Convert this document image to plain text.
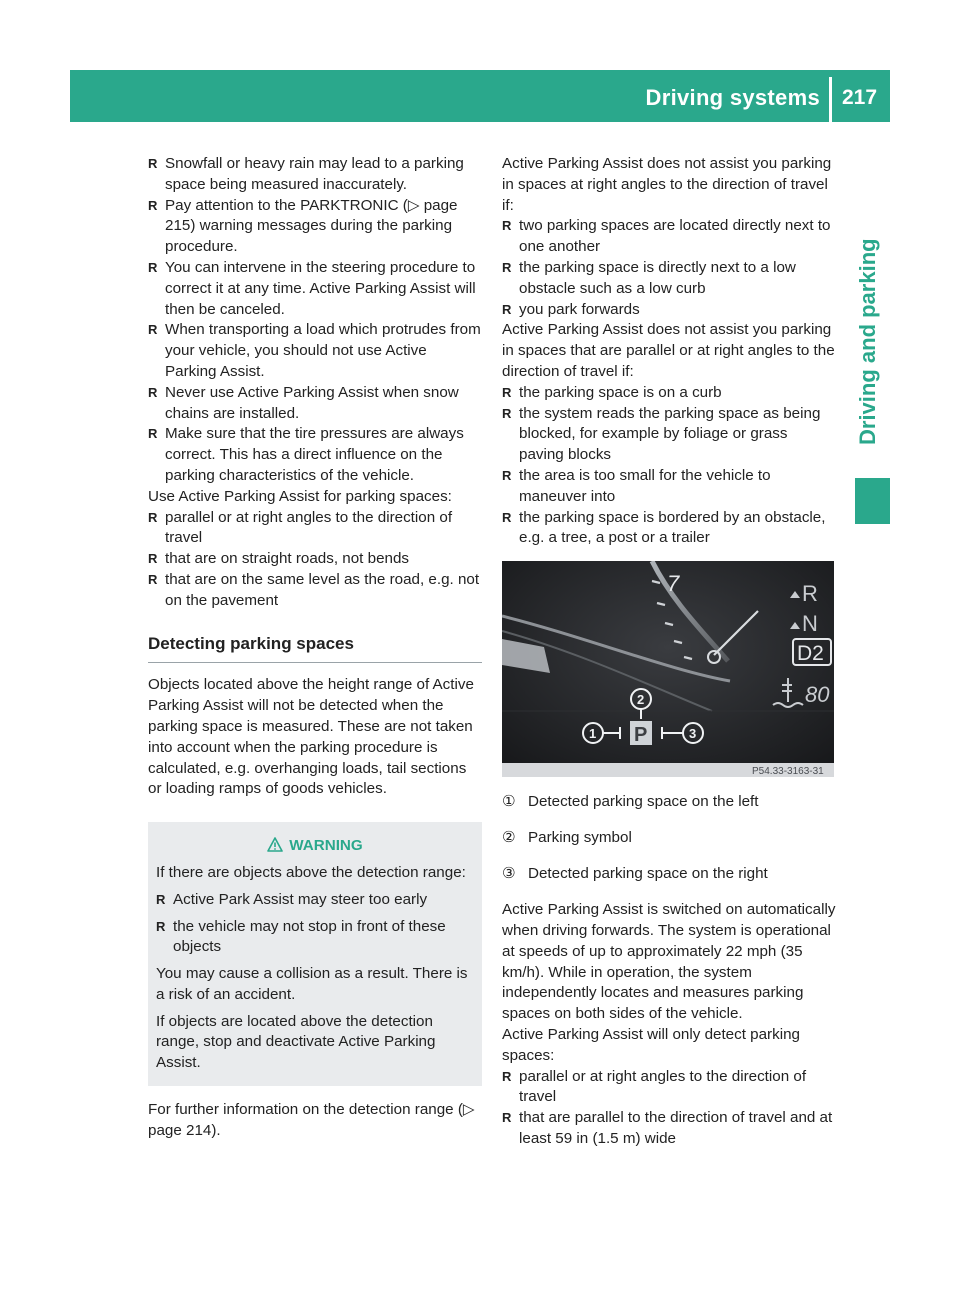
Driving systems 217
Driving and parking

R Snowfall or heavy rain may lead to a parking space being measured inaccurately.

R Pay attention to the PARKTRONIC (▷ page 215) warning messages during the parking procedure.

R You can intervene in the steering procedure to correct it at any time. Active Parking Assist will then be canceled.

R When transporting a load which protrudes from your vehicle, you should not use Active Parking Assist.

R Never use Active Parking Assist when snow chains are installed.

R Make sure that the tire pressures are always correct. This has a direct influence on the parking characteristics of the vehicle.

Use Active Parking Assist for parking spaces:

R parallel or at right angles to the direction of travel

R that are on straight roads, not bends

R that are on the same level as the road, e.g. not on the pavement

Detecting parking spaces

Objects located above the height range of Active Parking Assist will not be detected when the parking space is measured. These are not taken into account when the parking procedure is calculated, e.g. overhanging loads, tail sections or loading ramps of goods vehicles.

WARNING

If there are objects above the detection range:

R Active Park Assist may steer too early

R the vehicle may not stop in front of these objects

You may cause a collision as a result. There is a risk of an accident.

If objects are located above the detection range, stop and deactivate Active Parking Assist.

For further information on the detection range (▷ page 214).

Active Parking Assist does not assist you parking in spaces at right angles to the direction of travel if:

R two parking spaces are located directly next to one another

R the parking space is directly next to a low obstacle such as a low curb

R you park forwards

Active Parking Assist does not assist you parking in spaces that are parallel or at right angles to the direction of travel if:

R the parking space is on a curb

R the system reads the parking space as being blocked, for example by foliage or grass paving blocks

R the area is too small for the vehicle to maneuver into

R the parking space is bordered by an obstacle, e.g. a tree, a post or a trailer

7	R
N
D2
80
1 P	3
2
P54.33-3163-31

① Detected parking space on the left

② Parking symbol

③ Detected parking space on the right

Active Parking Assist is switched on automatically when driving forwards. The system is operational at speeds of up to approximately 22 mph (35 km/h). While in operation, the system independently locates and measures parking spaces on both sides of the vehicle.

Active Parking Assist will only detect parking spaces:

R parallel or at right angles to the direction of travel

R that are parallel to the direction of travel and at least 59 in (1.5 m) wide
